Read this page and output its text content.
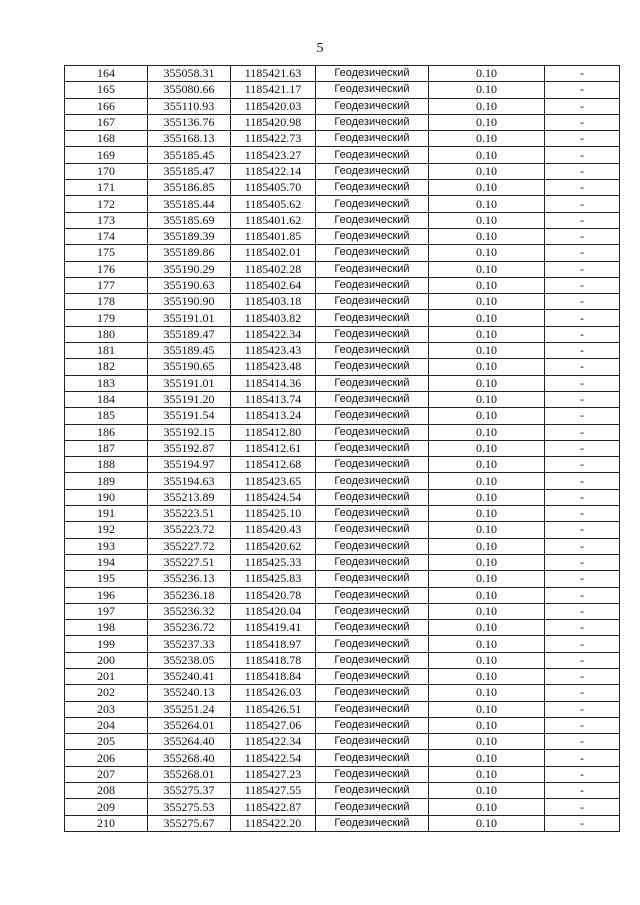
5
164	355058.31	1185421.63	Геодезический	0.10	-
165	355080.66	1185421.17	Геодезический	0.10	-
166	355110.93	1185420.03	Геодезический	0.10	-
167	355136.76	1185420.98	Геодезический	0.10	-
168	355168.13	1185422.73	Геодезический	0.10	-
169	355185.45	1185423.27	Геодезический	0.10	-
170	355185.47	1185422.14	Геодезический	0.10	-
171	355186.85	1185405.70	Геодезический	0.10	-
172	355185.44	1185405.62	Геодезический	0.10	-
173	355185.69	1185401.62	Геодезический	0.10	-
174	355189.39	1185401.85	Геодезический	0.10	-
175	355189.86	1185402.01	Геодезический	0.10	-
176	355190.29	1185402.28	Геодезический	0.10	-
177	355190.63	1185402.64	Геодезический	0.10	-
178	355190.90	1185403.18	Геодезический	0.10	-
179	355191.01	1185403.82	Геодезический	0.10	-
180	355189.47	1185422.34	Геодезический	0.10	-
181	355189.45	1185423.43	Геодезический	0.10	-
182	355190.65	1185423.48	Геодезический	0.10	-
183	355191.01	1185414.36	Геодезический	0.10	-
184	355191.20	1185413.74	Геодезический	0.10	-
185	355191.54	1185413.24	Геодезический	0.10	-
186	355192.15	1185412.80	Геодезический	0.10	-
187	355192.87	1185412.61	Геодезический	0.10	-
188	355194.97	1185412.68	Геодезический	0.10	-
189	355194.63	1185423.65	Геодезический	0.10	-
190	355213.89	1185424.54	Геодезический	0.10	-
191	355223.51	1185425.10	Геодезический	0.10	-
192	355223.72	1185420.43	Геодезический	0.10	-
193	355227.72	1185420.62	Геодезический	0.10	-
194	355227.51	1185425.33	Геодезический	0.10	-
195	355236.13	1185425.83	Геодезический	0.10	-
196	355236.18	1185420.78	Геодезический	0.10	-
197	355236.32	1185420.04	Геодезический	0.10	-
198	355236.72	1185419.41	Геодезический	0.10	-
199	355237.33	1185418.97	Геодезический	0.10	-
200	355238.05	1185418.78	Геодезический	0.10	-
201	355240.41	1185418.84	Геодезический	0.10	-
202	355240.13	1185426.03	Геодезический	0.10	-
203	355251.24	1185426.51	Геодезический	0.10	-
204	355264.01	1185427.06	Геодезический	0.10	-
205	355264.40	1185422.34	Геодезический	0.10	-
206	355268.40	1185422.54	Геодезический	0.10	-
207	355268.01	1185427.23	Геодезический	0.10	-
208	355275.37	1185427.55	Геодезический	0.10	-
209	355275.53	1185422.87	Геодезический	0.10	-
210	355275.67	1185422.20	Геодезический	0.10	-
